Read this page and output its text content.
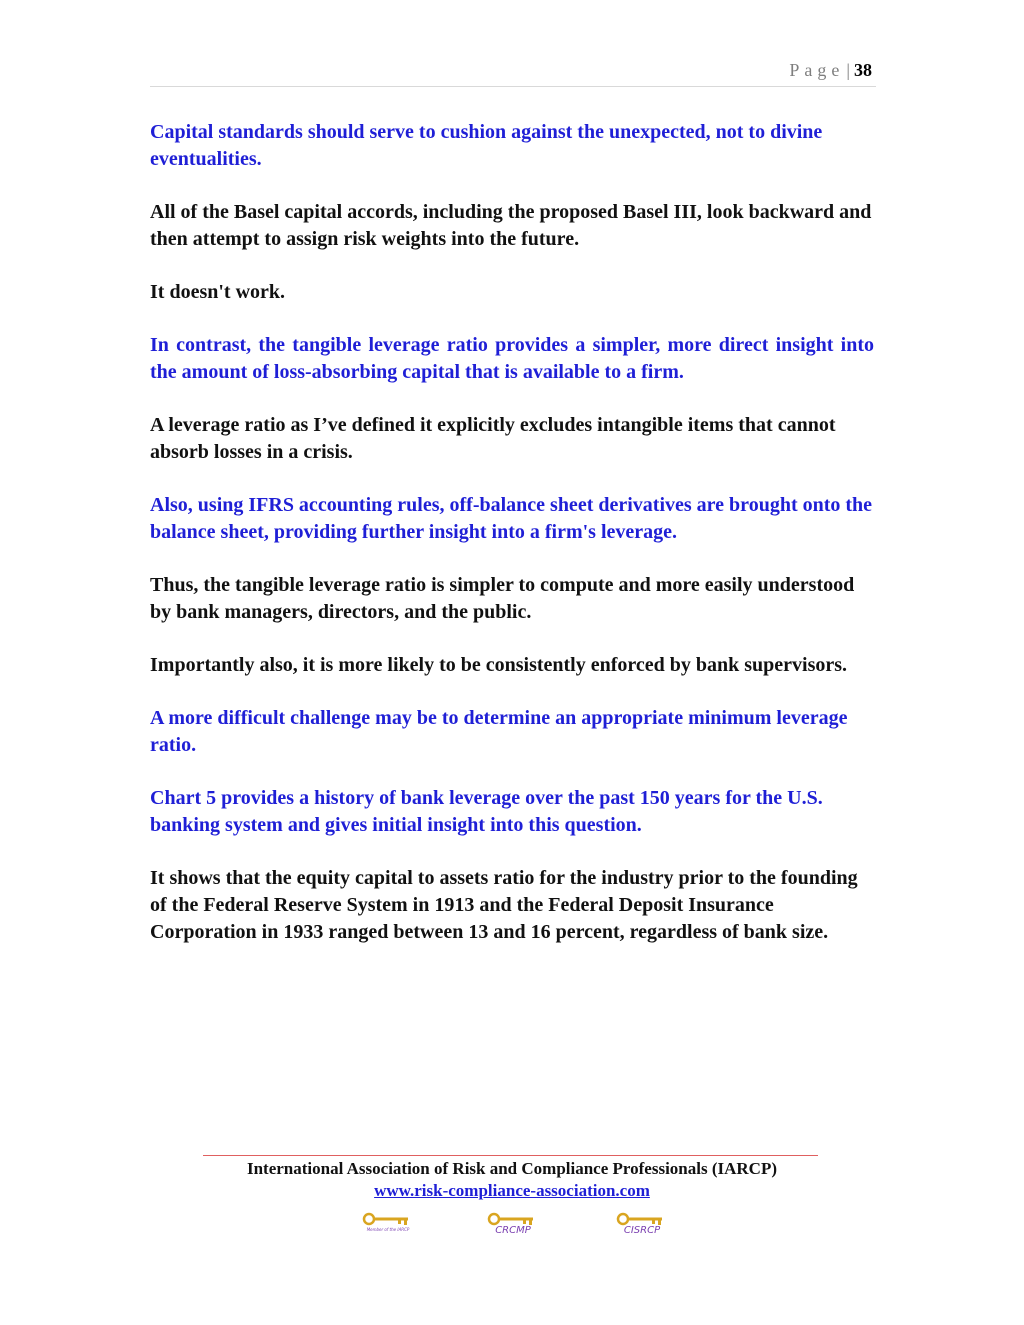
Page | 38

Capital standards should serve to cushion against the unexpected, not to divine eventualities.

All of the Basel capital accords, including the proposed Basel III, look backward and then attempt to assign risk weights into the future.

It doesn't work.

In contrast, the tangible leverage ratio provides a simpler, more direct insight into the amount of loss-absorbing capital that is available to a firm.

A leverage ratio as I’ve defined it explicitly excludes intangible items that cannot absorb losses in a crisis.

Also, using IFRS accounting rules, off-balance sheet derivatives are brought onto the balance sheet, providing further insight into a firm's leverage.

Thus, the tangible leverage ratio is simpler to compute and more easily understood by bank managers, directors, and the public.

Importantly also, it is more likely to be consistently enforced by bank supervisors.

A more difficult challenge may be to determine an appropriate minimum leverage ratio.

Chart 5 provides a history of bank leverage over the past 150 years for the U.S. banking system and gives initial insight into this question.

It shows that the equity capital to assets ratio for the industry prior to the founding of the Federal Reserve System in 1913 and the Federal Deposit Insurance Corporation in 1933 ranged between 13 and 16 percent, regardless of bank size.

International Association of Risk and Compliance Professionals (IARCP)
www.risk-compliance-association.com
Member of the IARCP	CRCMP	CISRCP
